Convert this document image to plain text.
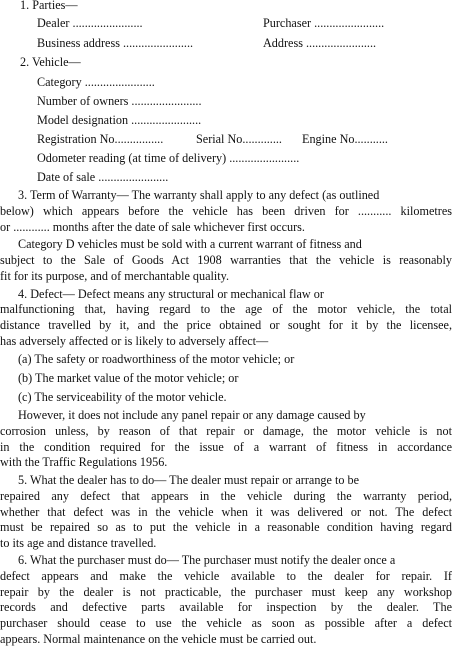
1. Parties—
Dealer .......................	Purchaser .......................
Business address .......................	Address .......................
2. Vehicle—
Category .......................
Number of owners .......................
Model designation .......................
Registration No................	Serial No............. Engine No...........
Odometer reading (at time of delivery) .......................
Date of sale .......................
3. Term of Warranty— The warranty shall apply to any defect (as outlined
below) which appears before the vehicle has been driven for ........... kilometres
or ............ months after the date of sale whichever first occurs.
Category D vehicles must be sold with a current warrant of fitness and
subject to the Sale of Goods Act 1908 warranties that the vehicle is reasonably
fit for its purpose, and of merchantable quality.
4. Defect— Defect means any structural or mechanical flaw or
malfunctioning that, having regard to the age of the motor vehicle, the total
distance travelled by it, and the price obtained or sought for it by the licensee,
has adversely affected or is likely to adversely affect—
(a) The safety or roadworthiness of the motor vehicle; or
(b) The market value of the motor vehicle; or
(c) The serviceability of the motor vehicle.
However, it does not include any panel repair or any damage caused by
corrosion unless, by reason of that repair or damage, the motor vehicle is not
in the condition required for the issue of a warrant of fitness in accordance
with the Traffic Regulations 1956.
5. What the dealer has to do— The dealer must repair or arrange to be
repaired any defect that appears in the vehicle during the warranty period,
whether that defect was in the vehicle when it was delivered or not. The defect
must be repaired so as to put the vehicle in a reasonable condition having regard
to its age and distance travelled.
6. What the purchaser must do— The purchaser must notify the dealer once a
defect appears and make the vehicle available to the dealer for repair. If
repair by the dealer is not practicable, the purchaser must keep any workshop
records and defective parts available for inspection by the dealer. The
purchaser should cease to use the vehicle as soon as possible after a defect
appears. Normal maintenance on the vehicle must be carried out.
